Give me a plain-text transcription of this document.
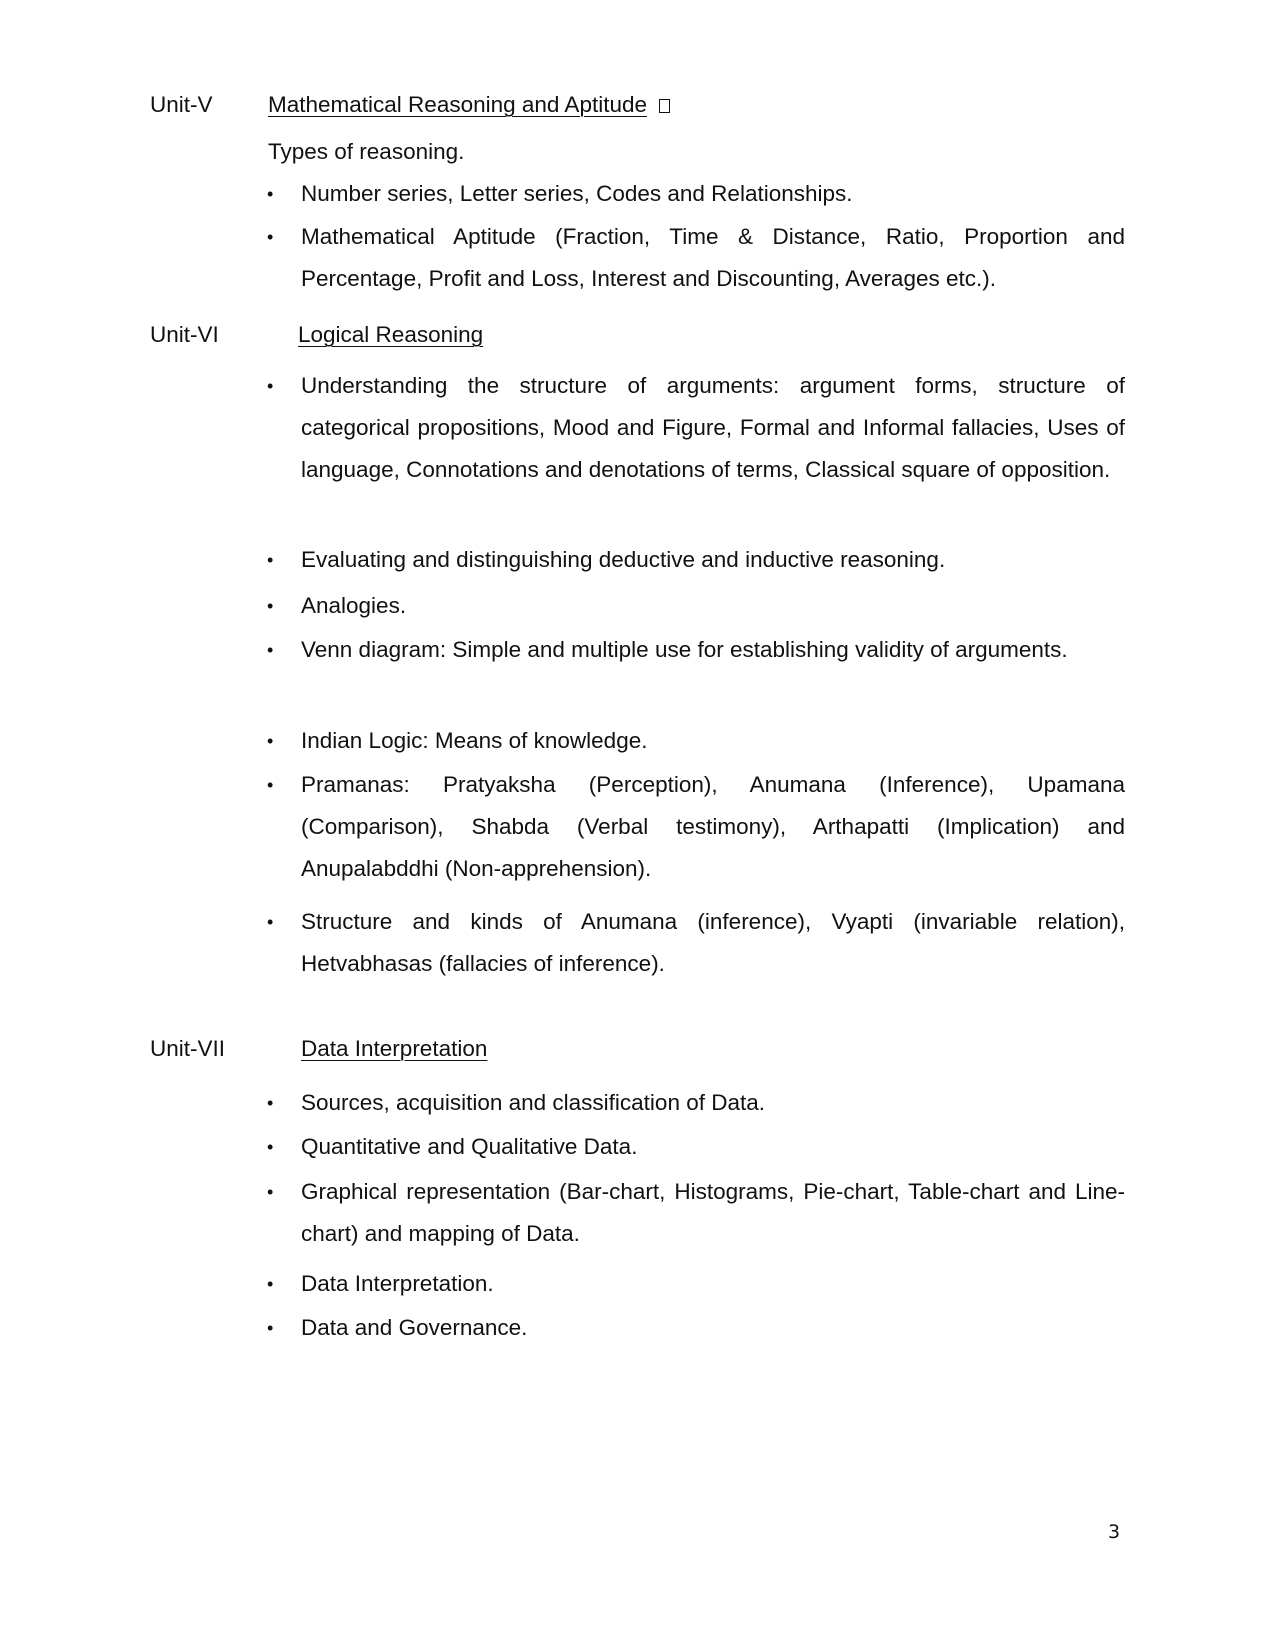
Unit-V Mathematical Reasoning and Aptitude
Types of reasoning.
• Number series, Letter series, Codes and Relationships.
• Mathematical Aptitude (Fraction, Time & Distance, Ratio, Proportion and Percentage, Profit and Loss, Interest and Discounting, Averages etc.).
Unit-VI	Logical Reasoning
• Understanding the structure of arguments: argument forms, structure of categorical propositions, Mood and Figure, Formal and Informal fallacies, Uses of language, Connotations and denotations of terms, Classical square of opposition.
• Evaluating and distinguishing deductive and inductive reasoning.
• Analogies.
• Venn diagram: Simple and multiple use for establishing validity of arguments.
• Indian Logic: Means of knowledge.
• Pramanas: Pratyaksha (Perception), Anumana (Inference), Upamana (Comparison), Shabda (Verbal testimony), Arthapatti (Implication) and Anupalabddhi (Non-apprehension).
• Structure and kinds of Anumana (inference), Vyapti (invariable relation), Hetvabhasas (fallacies of inference).
Unit-VII	Data Interpretation
• Sources, acquisition and classification of Data.
• Quantitative and Qualitative Data.
• Graphical representation (Bar-chart, Histograms, Pie-chart, Table-chart and Line-chart) and mapping of Data.
• Data Interpretation.
• Data and Governance.
3
